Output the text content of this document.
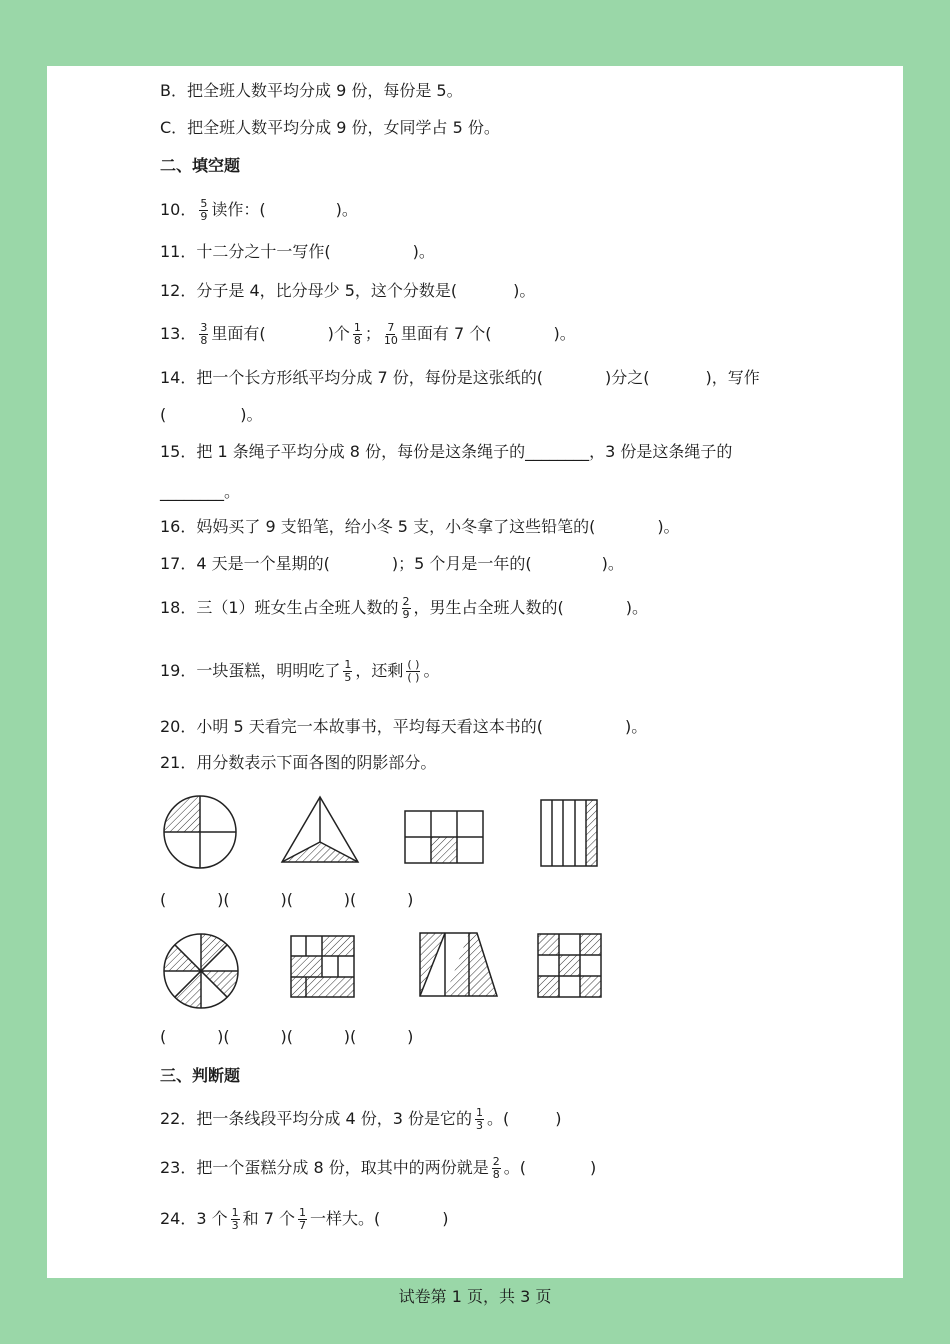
B．把全班人数平均分成 9 份，每份是 5。
C．把全班人数平均分成 9 份，女同学占 5 份。
二、填空题
10． $\frac{5}{9}$ 读作：(	)。
11．十二分之十一写作(	)。
12．分子是 4，比分母少 5，这个分数是(	)。
13． $\frac{3}{8}$ 里面有(	)个 $\frac{1}{8}$ ； $\frac{7}{10}$ 里面有 7 个(	)。
14．把一个长方形纸平均分成 7 份，每份是这张纸的(	)分之(	)，写作
(	)。
15．把 1 条绳子平均分成 8 份，每份是这条绳子的________，3 份是这条绳子的
________。
16．妈妈买了 9 支铅笔，给小冬 5 支，小冬拿了这些铅笔的(	)。
17．4 天是一个星期的(	)；5 个月是一年的(	)。
18．三（1）班女生占全班人数的 $\frac{2}{9}$ ，男生占全班人数的(	)。
19．一块蛋糕，明明吃了 $\frac{1}{5}$ ，还剩 $\frac{( )}{( )}$ 。
20．小明 5 天看完一本故事书，平均每天看这本书的(	)。
21．用分数表示下面各图的阴影部分。
(          )(          )(          )(          )
(          )(          )(          )(          )
三、判断题
22．把一条线段平均分成 4 份，3 份是它的 $\frac{1}{3}$ 。(	)
23．把一个蛋糕分成 8 份，取其中的两份就是 $\frac{2}{8}$ 。(	)
24．3 个 $\frac{1}{3}$ 和 7 个 $\frac{1}{7}$ 一样大。(	)
试卷第 1 页，共 3 页
